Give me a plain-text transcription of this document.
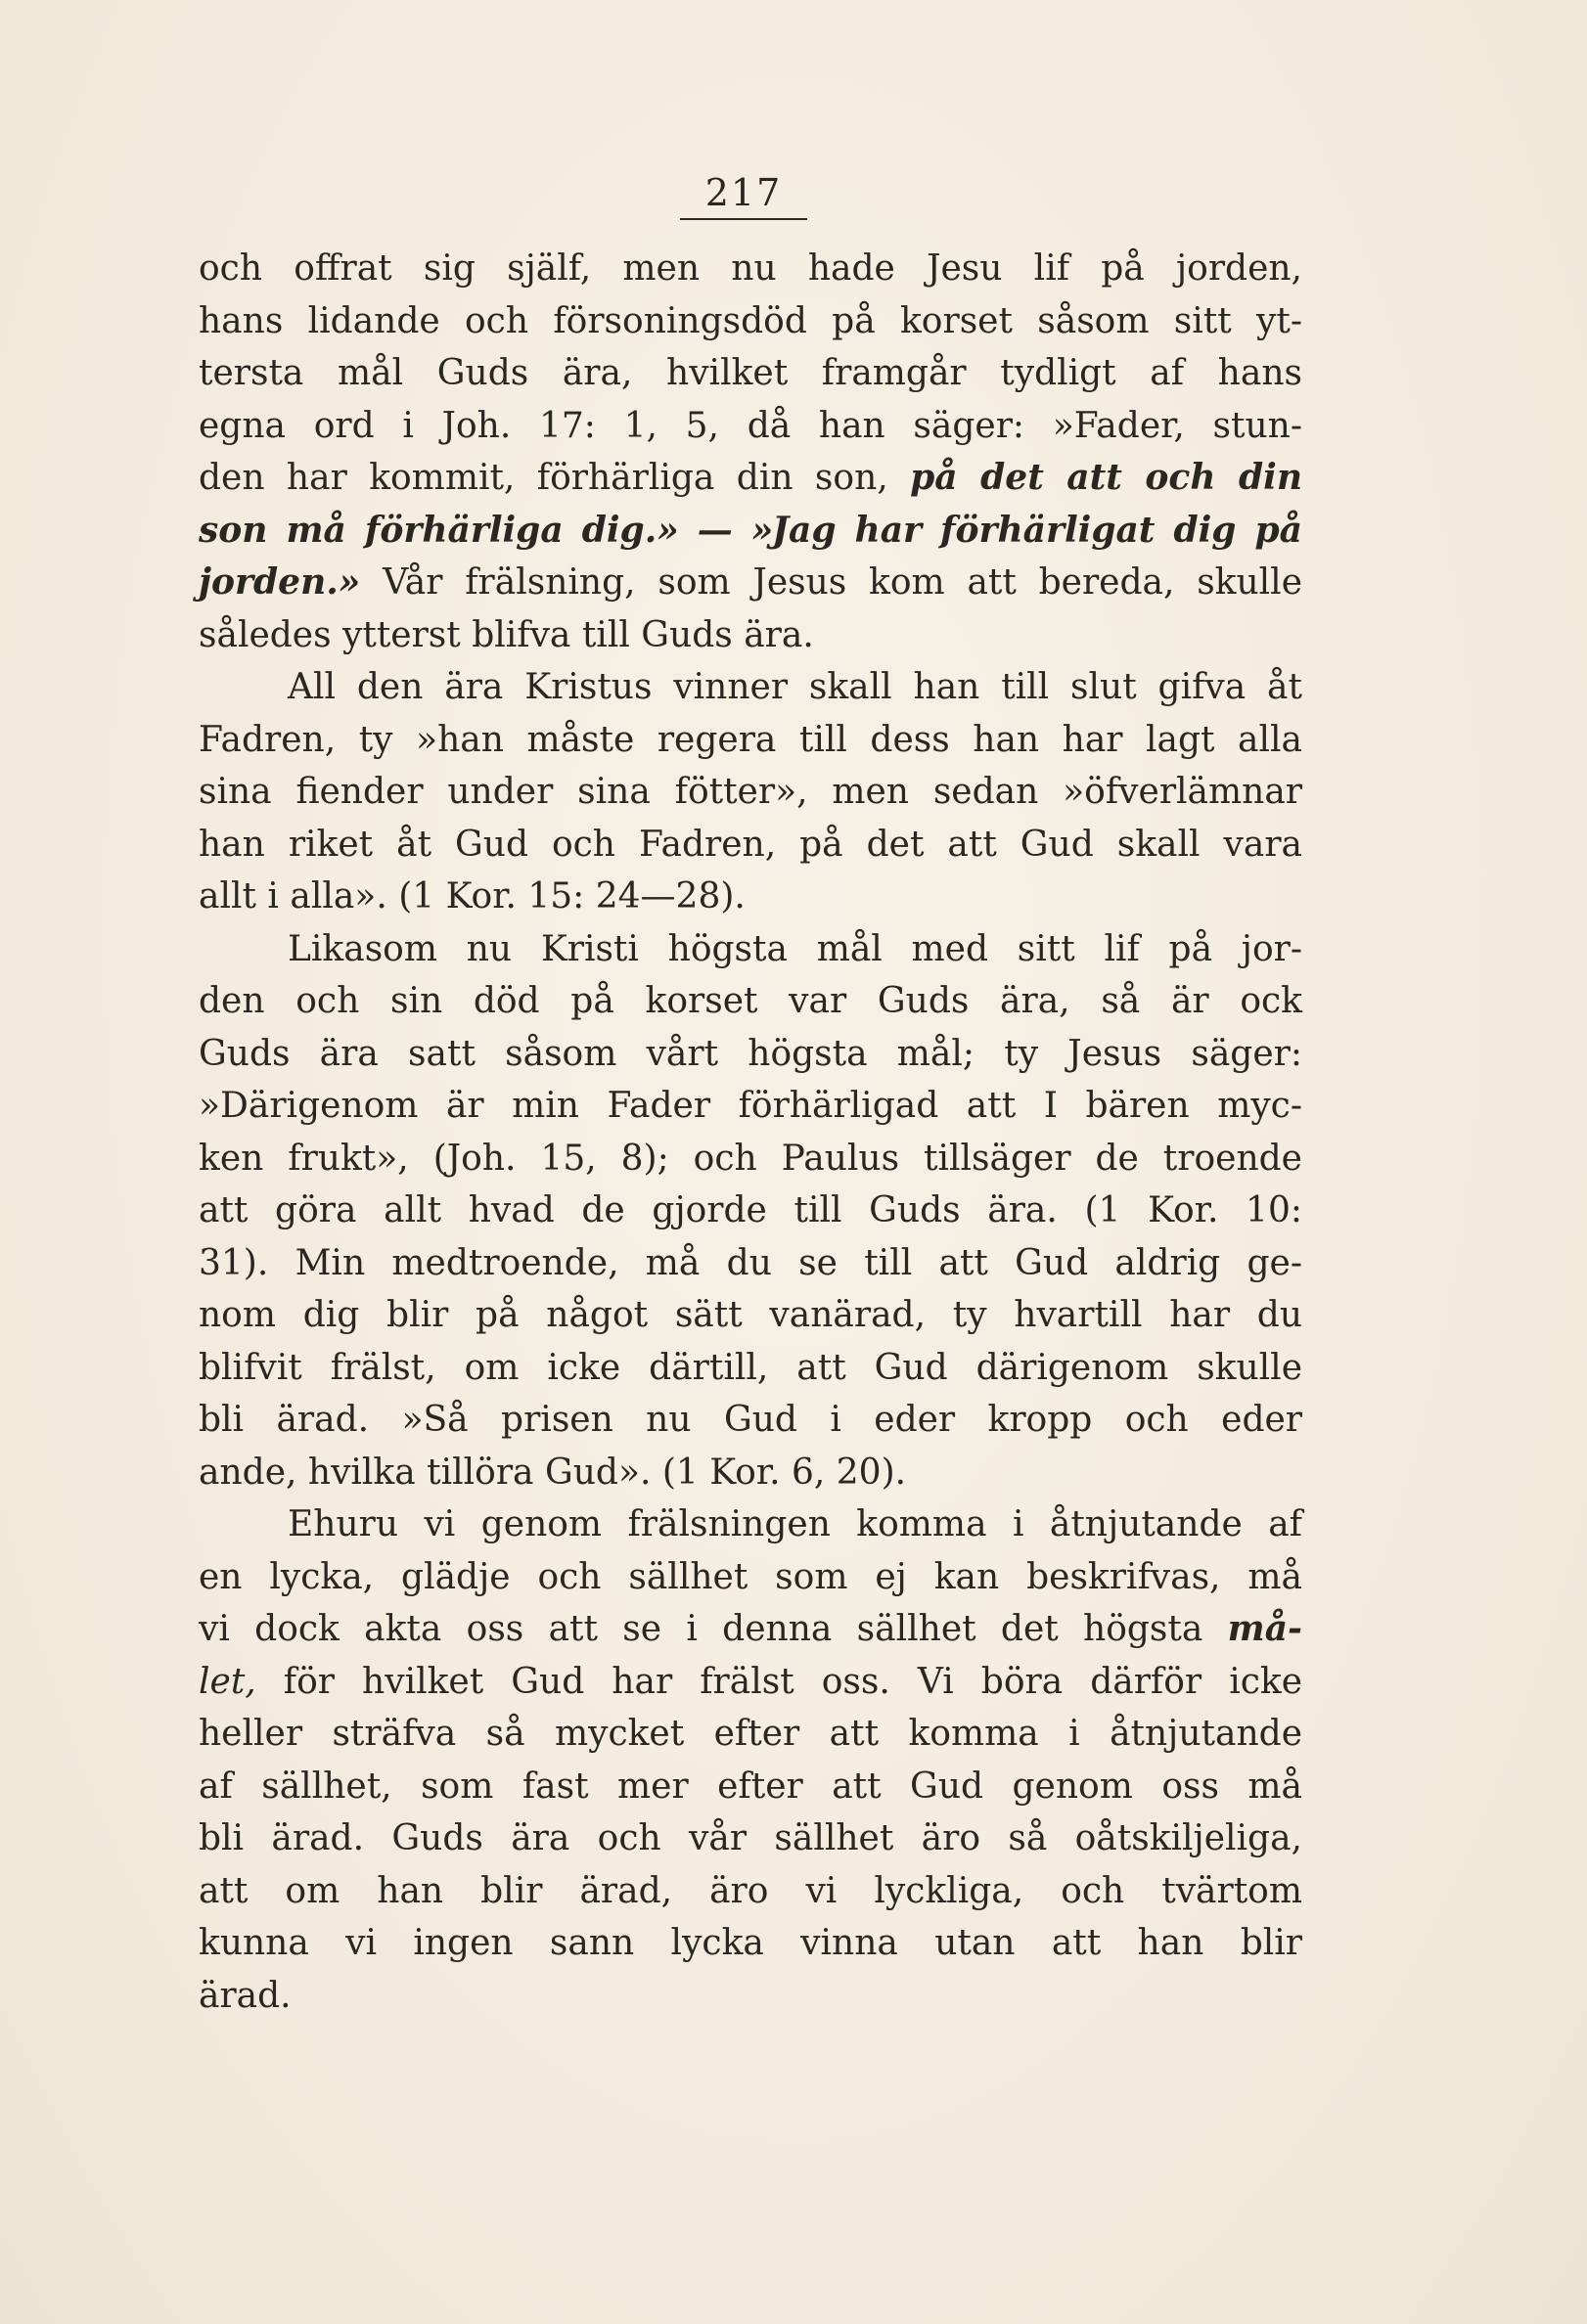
217
och offrat sig själf, men nu hade Jesu lif på jorden,
hans lidande och försoningsdöd på korset såsom sitt yt-
tersta mål Guds ära, hvilket framgår tydligt af hans
egna ord i Joh. 17: 1, 5, då han säger: »Fader, stun-
den har kommit, förhärliga din son, på det att och din
son må förhärliga dig.» — »Jag har förhärligat dig på
jorden.» Vår frälsning, som Jesus kom att bereda, skulle
således ytterst blifva till Guds ära.
All den ära Kristus vinner skall han till slut gifva åt
Fadren, ty »han måste regera till dess han har lagt alla
sina fiender under sina fötter», men sedan »öfverlämnar
han riket åt Gud och Fadren, på det att Gud skall vara
allt i alla». (1 Kor. 15: 24—28).
Likasom nu Kristi högsta mål med sitt lif på jor-
den och sin död på korset var Guds ära, så är ock
Guds ära satt såsom vårt högsta mål; ty Jesus säger:
»Därigenom är min Fader förhärligad att I bären myc-
ken frukt», (Joh. 15, 8); och Paulus tillsäger de troende
att göra allt hvad de gjorde till Guds ära. (1 Kor. 10:
31). Min medtroende, må du se till att Gud aldrig ge-
nom dig blir på något sätt vanärad, ty hvartill har du
blifvit frälst, om icke därtill, att Gud därigenom skulle
bli ärad. »Så prisen nu Gud i eder kropp och eder
ande, hvilka tillöra Gud». (1 Kor. 6, 20).
Ehuru vi genom frälsningen komma i åtnjutande af
en lycka, glädje och sällhet som ej kan beskrifvas, må
vi dock akta oss att se i denna sällhet det högsta må-
let, för hvilket Gud har frälst oss. Vi böra därför icke
heller sträfva så mycket efter att komma i åtnjutande
af sällhet, som fast mer efter att Gud genom oss må
bli ärad. Guds ära och vår sällhet äro så oåtskiljeliga,
att om han blir ärad, äro vi lyckliga, och tvärtom
kunna vi ingen sann lycka vinna utan att han blir
ärad.
